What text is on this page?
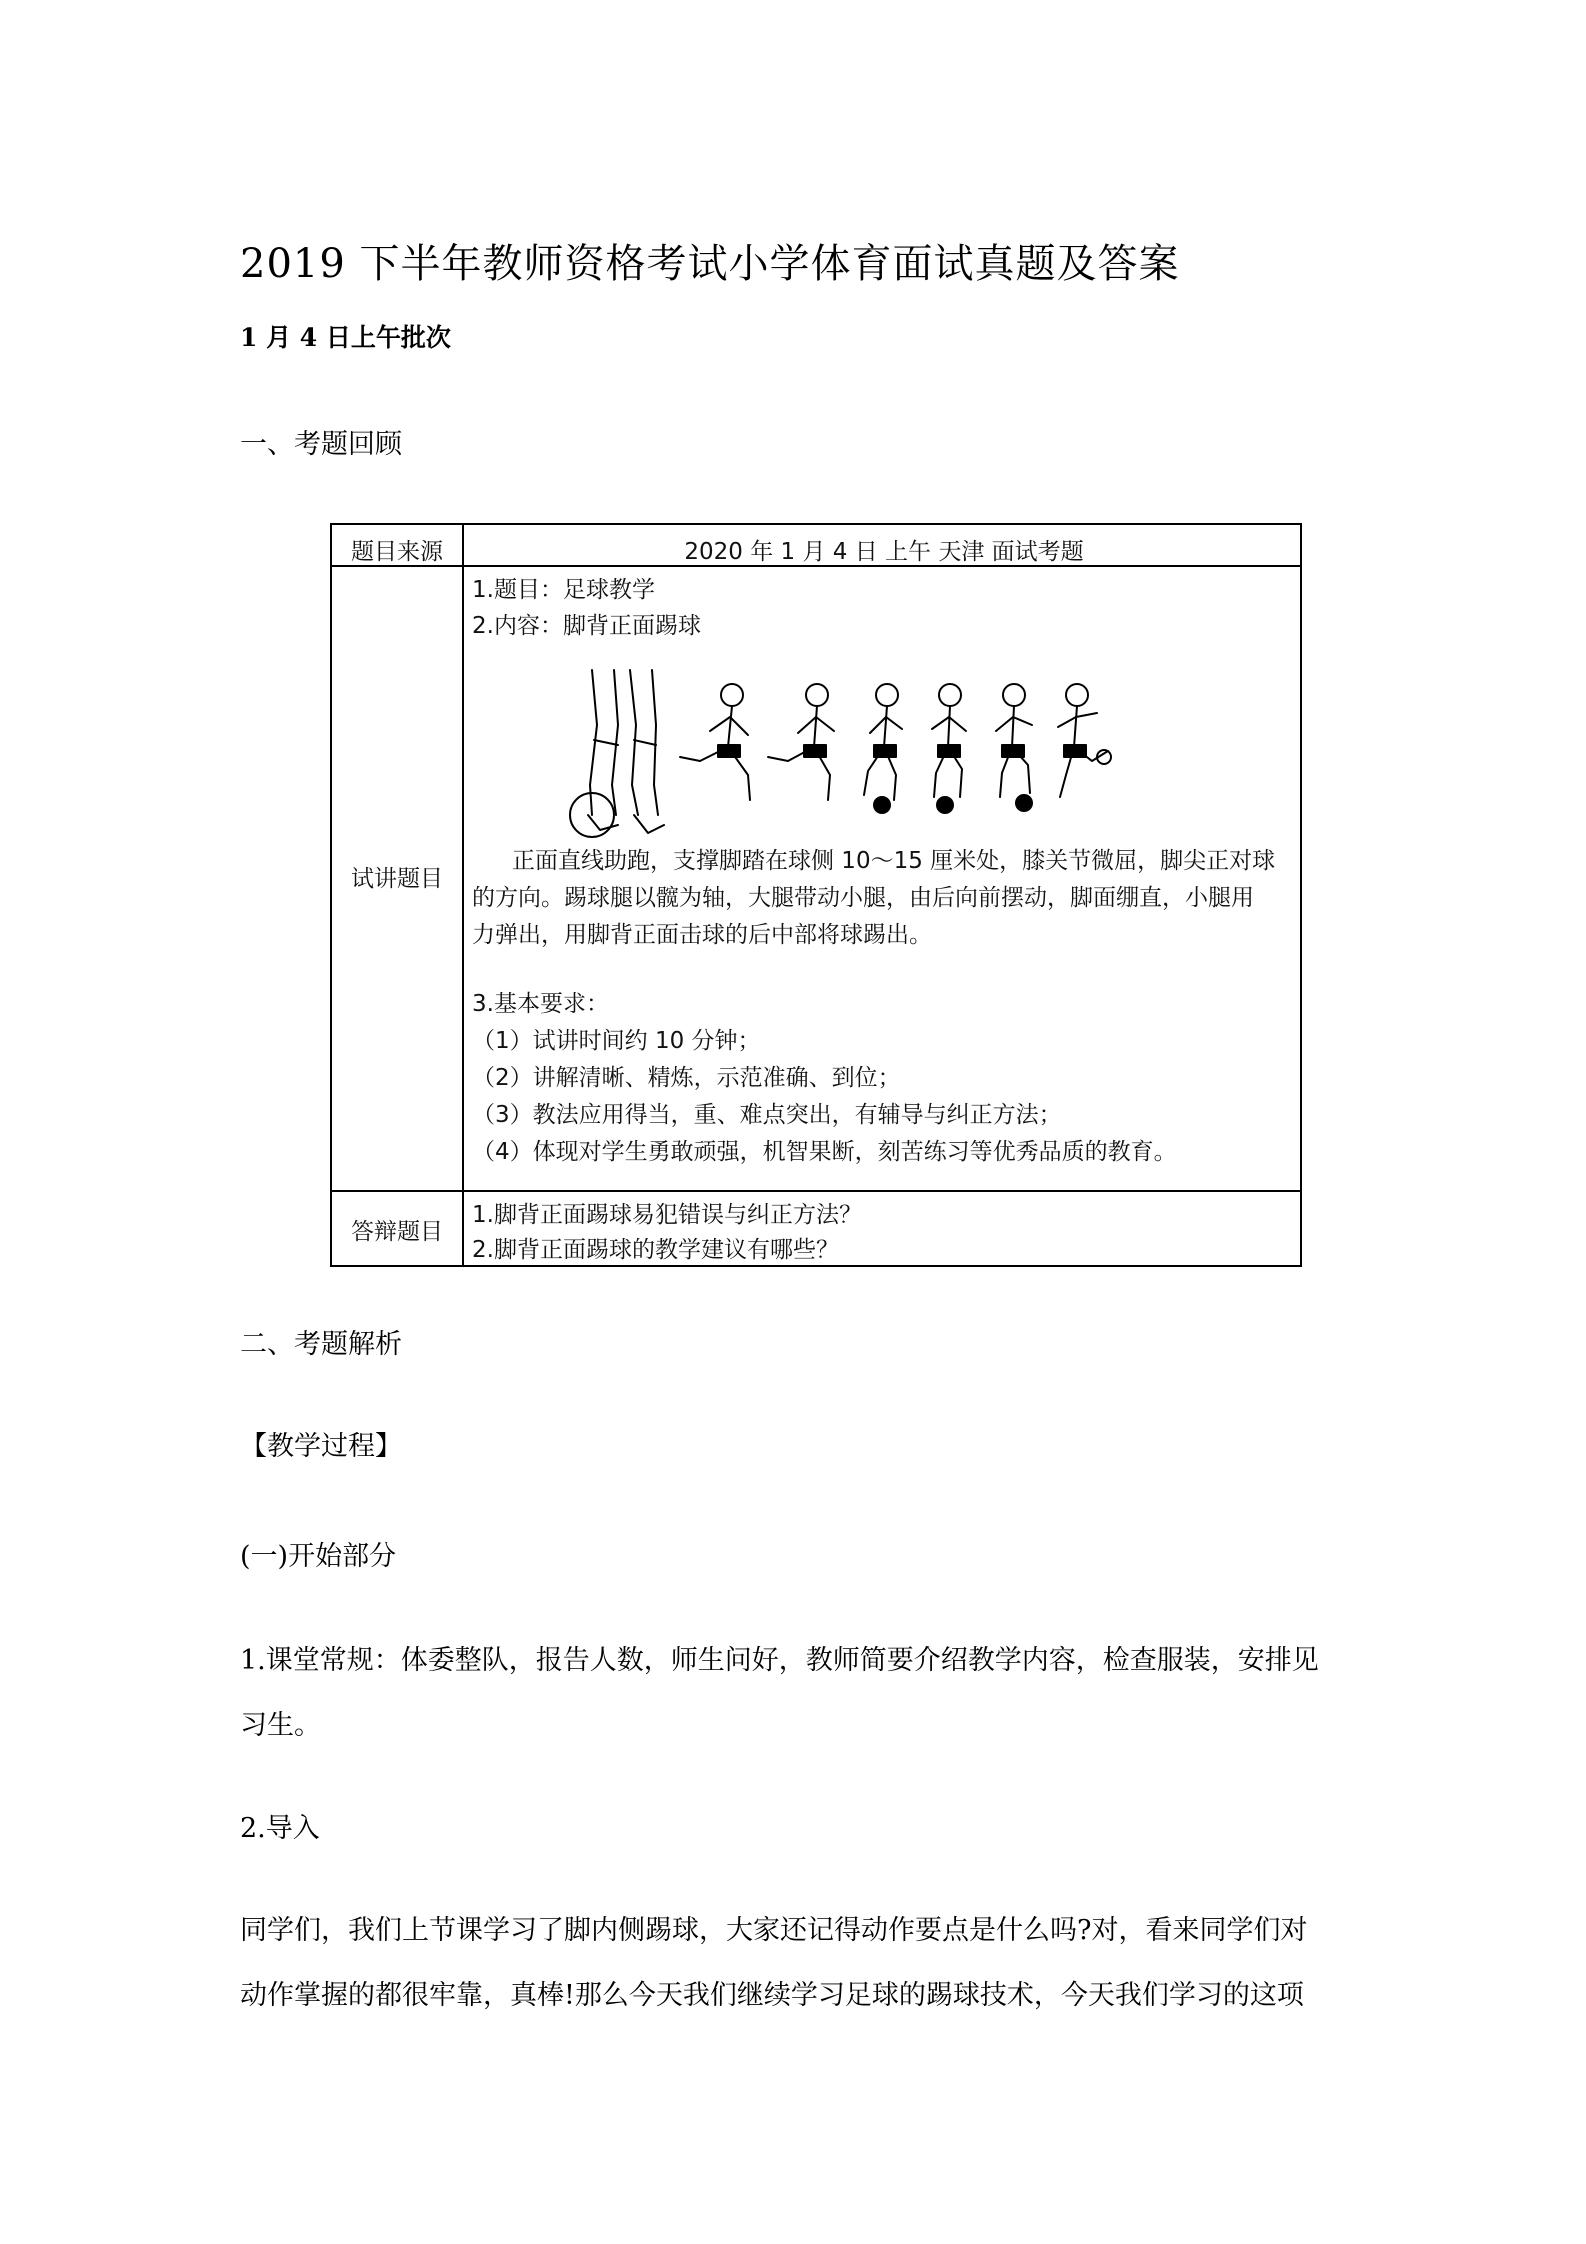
2019 下半年教师资格考试小学体育面试真题及答案
1 月 4 日上午批次
一、考题回顾
题目来源	2020 年 1 月 4 日 上午 天津 面试考题
试讲题目
1.题目：足球教学
2.内容：脚背正面踢球
正面直线助跑，支撑脚踏在球侧 10～15 厘米处，膝关节微屈，脚尖正对球
的方向。踢球腿以髋为轴，大腿带动小腿，由后向前摆动，脚面绷直，小腿用
力弹出，用脚背正面击球的后中部将球踢出。
3.基本要求：
（1）试讲时间约 10 分钟；
（2）讲解清晰、精炼，示范准确、到位；
（3）教法应用得当，重、难点突出，有辅导与纠正方法；
（4）体现对学生勇敢顽强，机智果断，刻苦练习等优秀品质的教育。
答辩题目
1.脚背正面踢球易犯错误与纠正方法？
2.脚背正面踢球的教学建议有哪些？
二、考题解析
【教学过程】
(一)开始部分
1.课堂常规：体委整队，报告人数，师生问好，教师简要介绍教学内容，检查服装，安排见
习生。
2.导入
同学们，我们上节课学习了脚内侧踢球，大家还记得动作要点是什么吗?对，看来同学们对
动作掌握的都很牢靠，真棒!那么今天我们继续学习足球的踢球技术，今天我们学习的这项
